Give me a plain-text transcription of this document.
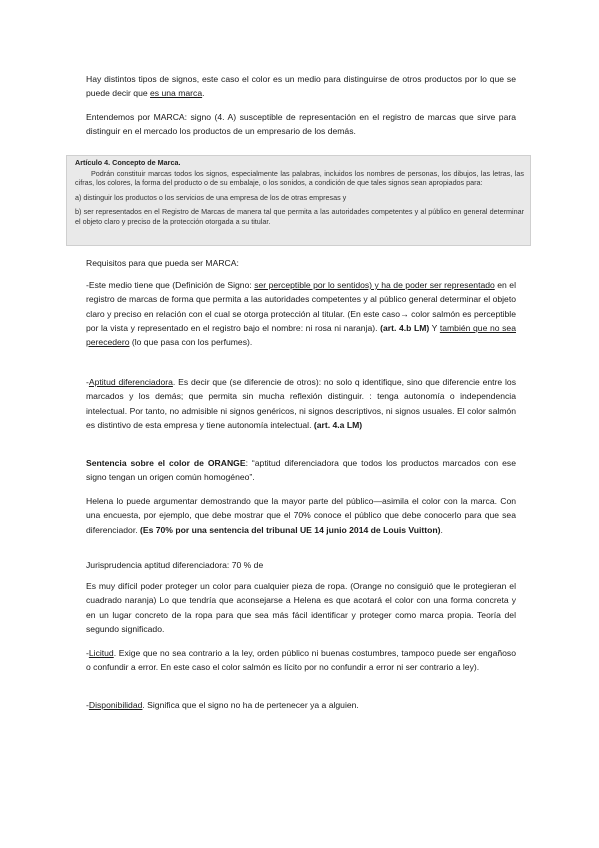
Hay distintos tipos de signos, este caso el color es un medio para distinguirse de otros productos por lo que se puede decir que es una marca.

Entendemos por MARCA: signo (4. A) susceptible de representación en el registro de marcas que sirve para distinguir en el mercado los productos de un empresario de los demás.

Artículo 4. Concepto de Marca.

Podrán constituir marcas todos los signos, especialmente las palabras, incluidos los nombres de personas, los dibujos, las letras, las cifras, los colores, la forma del producto o de su embalaje, o los sonidos, a condición de que tales signos sean apropiados para:

a) distinguir los productos o los servicios de una empresa de los de otras empresas y

b) ser representados en el Registro de Marcas de manera tal que permita a las autoridades competentes y al público en general determinar el objeto claro y preciso de la protección otorgada a su titular.

Requisitos para que pueda ser MARCA:

-Este medio tiene que (Definición de Signo: ser perceptible por lo sentidos) y ha de poder ser representado en el registro de marcas de forma que permita a las autoridades competentes y al público general determinar el objeto claro y preciso en relación con el cual se otorga protección al titular. (En este caso→ color salmón es perceptible por la vista y representado en el registro bajo el nombre: ni rosa ni naranja). (art. 4.b LM) Y también que no sea perecedero (lo que pasa con los perfumes).

-Aptitud diferenciadora. Es decir que (se diferencie de otros): no solo q identifique, sino que diferencie entre los marcados y los demás; que permita sin mucha reflexión distinguir. : tenga autonomía o independencia intelectual. Por tanto, no admisible ni signos genéricos, ni signos descriptivos, ni signos usuales. El color salmón es distintivo de esta empresa y tiene autonomía intelectual. (art. 4.a LM)

Sentencia sobre el color de ORANGE: “aptitud diferenciadora que todos los productos marcados con ese signo tengan un origen común homogéneo”.

Helena lo puede argumentar demostrando que la mayor parte del público—asimila el color con la marca. Con una encuesta, por ejemplo, que debe mostrar que el 70% conoce el público que debe conocerlo para que sea diferenciador. (Es 70% por una sentencia del tribunal UE 14 junio 2014 de Louis Vuitton).

Jurisprudencia aptitud diferenciadora: 70 % de

Es muy difícil poder proteger un color para cualquier pieza de ropa. (Orange no consiguió que le protegieran el cuadrado naranja) Lo que tendría que aconsejarse a Helena es que acotará el color con una forma concreta y en un lugar concreto de la ropa para que sea más fácil identificar y proteger como marca propia. Teoría del segundo significado.

-Licitud. Exige que no sea contrario a la ley, orden público ni buenas costumbres, tampoco puede ser engañoso o confundir a error. En este caso el color salmón es lícito por no confundir a error ni ser contrario a ley).

-Disponibilidad. Significa que el signo no ha de pertenecer ya a alguien.
